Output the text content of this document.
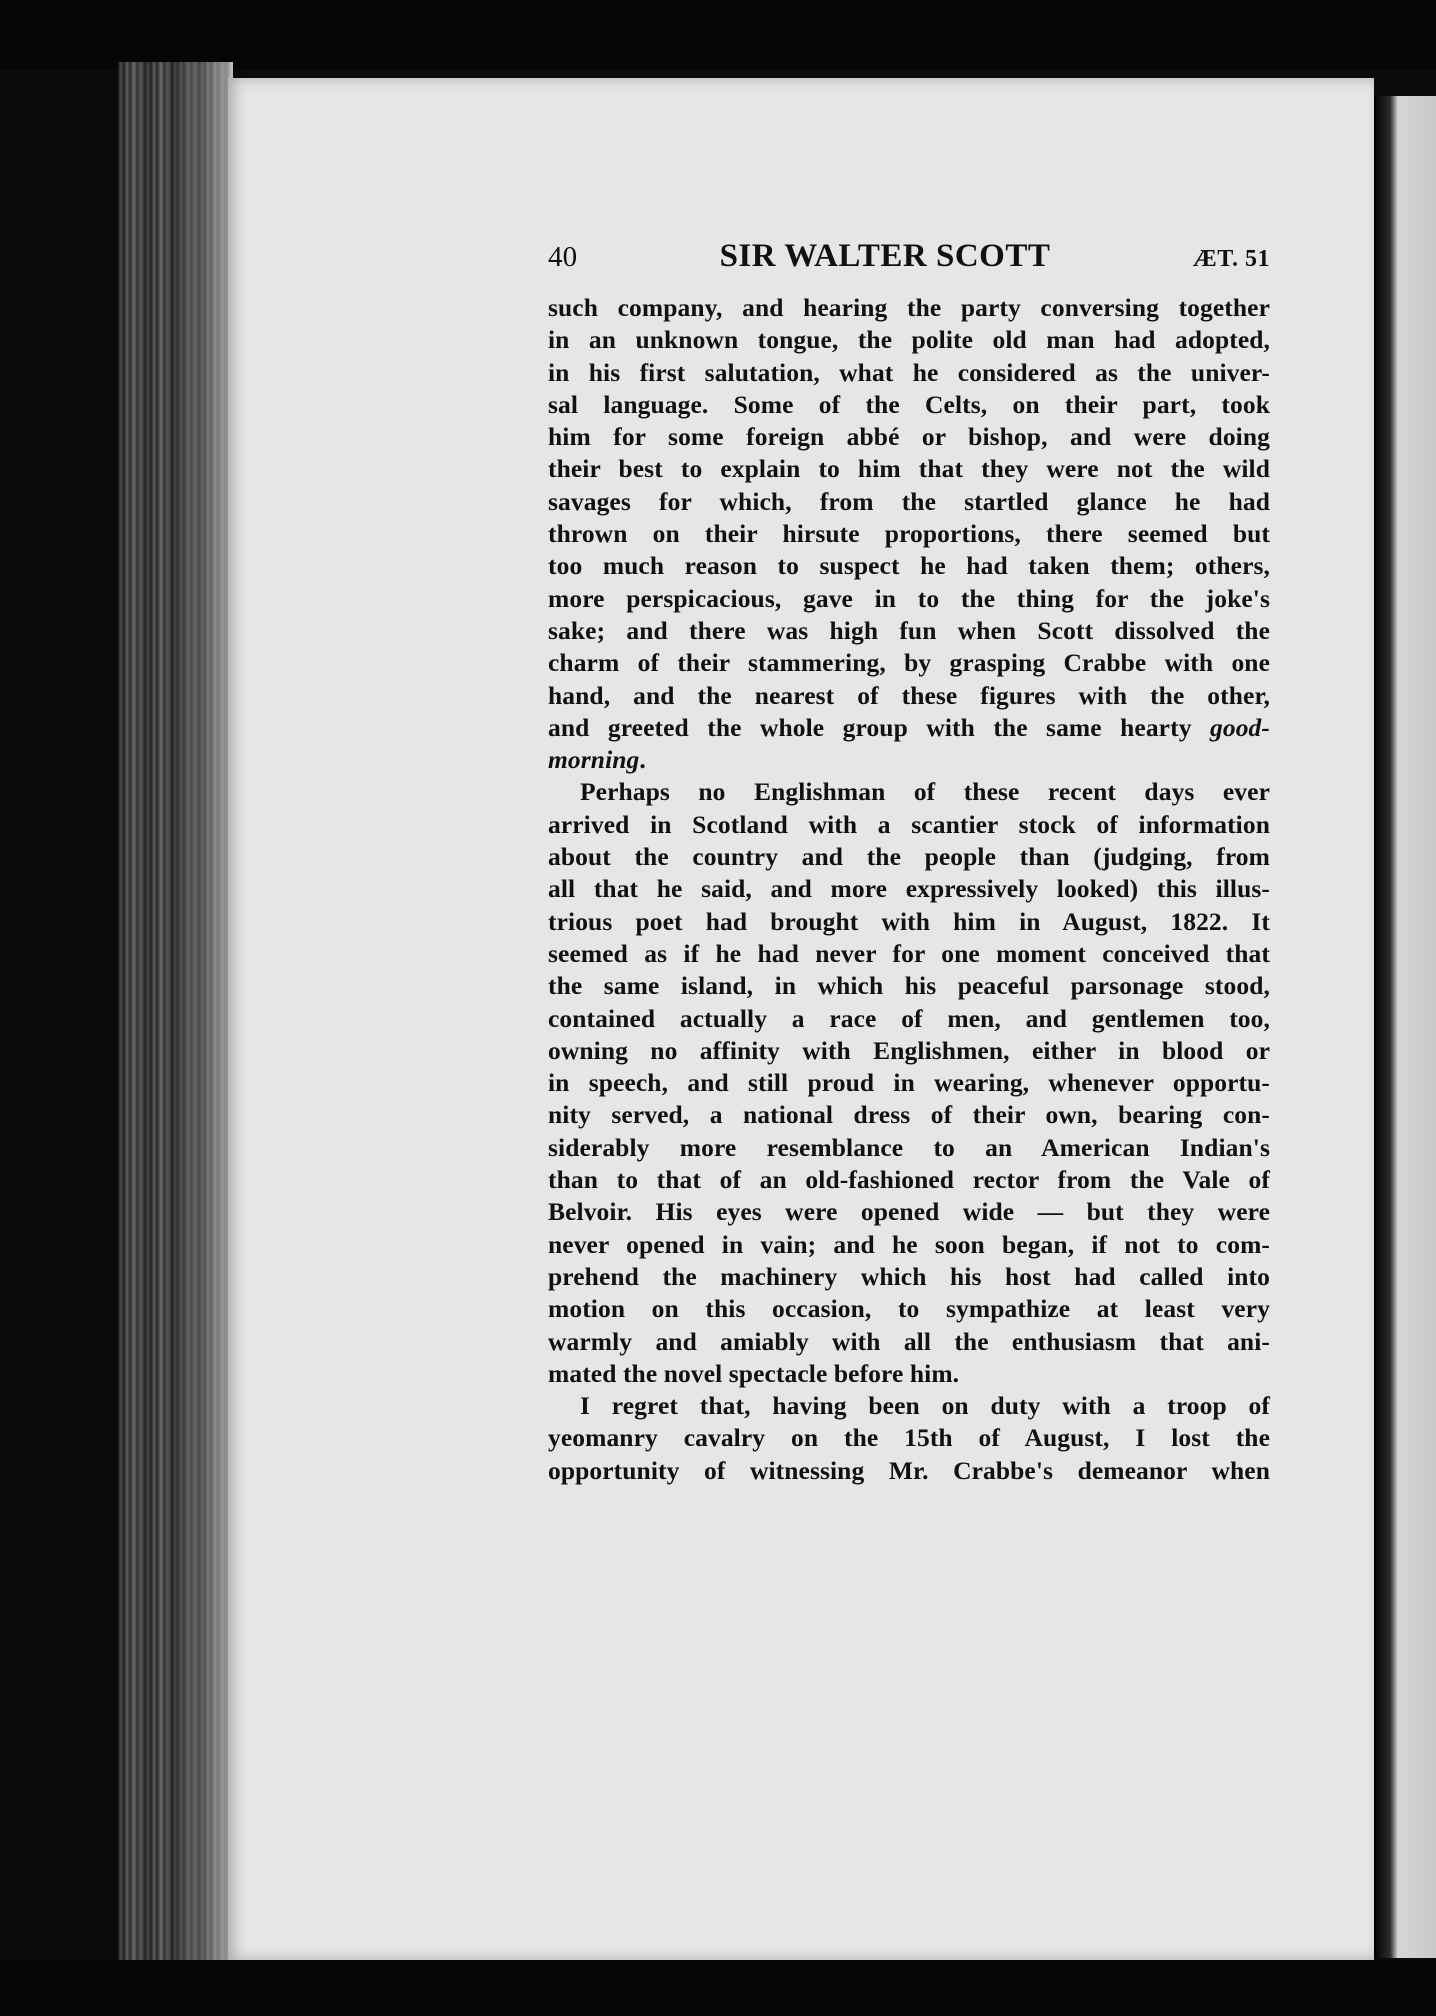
40	SIR WALTER SCOTT	ÆT. 51
such company, and hearing the party conversing together
in an unknown tongue, the polite old man had adopted,
in his first salutation, what he considered as the univer-
sal language. Some of the Celts, on their part, took
him for some foreign abbé or bishop, and were doing
their best to explain to him that they were not the wild
savages for which, from the startled glance he had
thrown on their hirsute proportions, there seemed but
too much reason to suspect he had taken them; others,
more perspicacious, gave in to the thing for the joke's
sake; and there was high fun when Scott dissolved the
charm of their stammering, by grasping Crabbe with one
hand, and the nearest of these figures with the other,
and greeted the whole group with the same hearty good-
morning.
Perhaps no Englishman of these recent days ever
arrived in Scotland with a scantier stock of information
about the country and the people than (judging, from
all that he said, and more expressively looked) this illus-
trious poet had brought with him in August, 1822. It
seemed as if he had never for one moment conceived that
the same island, in which his peaceful parsonage stood,
contained actually a race of men, and gentlemen too,
owning no affinity with Englishmen, either in blood or
in speech, and still proud in wearing, whenever opportu-
nity served, a national dress of their own, bearing con-
siderably more resemblance to an American Indian's
than to that of an old-fashioned rector from the Vale of
Belvoir. His eyes were opened wide — but they were
never opened in vain; and he soon began, if not to com-
prehend the machinery which his host had called into
motion on this occasion, to sympathize at least very
warmly and amiably with all the enthusiasm that ani-
mated the novel spectacle before him.
I regret that, having been on duty with a troop of
yeomanry cavalry on the 15th of August, I lost the
opportunity of witnessing Mr. Crabbe's demeanor when
